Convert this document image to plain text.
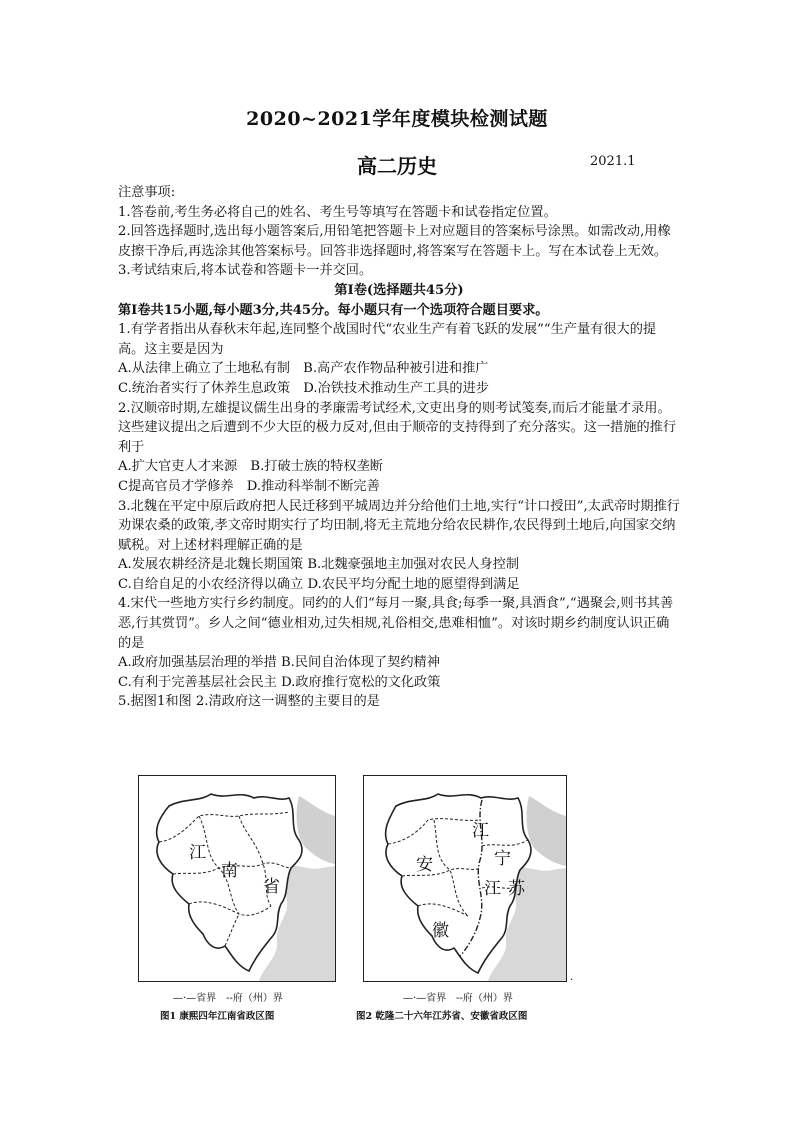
2020~2021学年度模块检测试题
高二历史	2021.1

注意事项:

1.答卷前,考生务必将自己的姓名、考生号等填写在答题卡和试卷指定位置。

2.回答选择题时,选出每小题答案后,用铅笔把答题卡上对应题目的答案标号涂黑。如需改动,用橡皮擦干净后,再选涂其他答案标号。回答非选择题时,将答案写在答题卡上。写在本试卷上无效。

3.考试结束后,将本试卷和答题卡一并交回。

第Ⅰ卷(选择题共45分)

第Ⅰ卷共15小题,每小题3分,共45分。每小题只有一个选项符合题目要求。

1.有学者指出从春秋末年起,连同整个战国时代“农业生产有着飞跃的发展”“生产量有很大的提高。这主要是因为

A.从法律上确立了土地私有制　B.高产农作物品种被引进和推广

C.统治者实行了休养生息政策　D.冶铁技术推动生产工具的进步

2.汉顺帝时期,左雄提议儒生出身的孝廉需考试经术,文吏出身的则考试笺奏,而后才能量才录用。这些建议提出之后遭到不少大臣的极力反对,但由于顺帝的支持得到了充分落实。这一措施的推行利于

A.扩大官吏人才来源　B.打破士族的特权垄断

C提高官员才学修养　D.推动科举制不断完善

3.北魏在平定中原后政府把人民迁移到平城周边并分给他们土地,实行“计口授田”,太武帝时期推行劝课农桑的政策,孝文帝时期实行了均田制,将无主荒地分给农民耕作,农民得到土地后,向国家交纳赋税。对上述材料理解正确的是

A.发展农耕经济是北魏长期国策 B.北魏豪强地主加强对农民人身控制

C.自给自足的小农经济得以确立 D.农民平均分配土地的愿望得到满足

4.宋代一些地方实行乡约制度。同约的人们“每月一聚,具食;每季一聚,具酒食”,“遇聚会,则书其善恶,行其赏罚”。乡人之间“德业相劝,过失相规,礼俗相交,患难相恤”。对该时期乡约制度认识正确的是

A.政府加强基层治理的举措 B.民间自治体现了契约精神

C.有利于完善基层社会民主 D.政府推行宽松的文化政策

5.据图1和图 2.清政府这一调整的主要目的是

江
南
省
江
安	宁
江 苏
徽
·
—·—省界　--府（州）界	—·—省界　--府（州）界
图1 康熙四年江南省政区图	图2 乾隆二十六年江苏省、安徽省政区图
